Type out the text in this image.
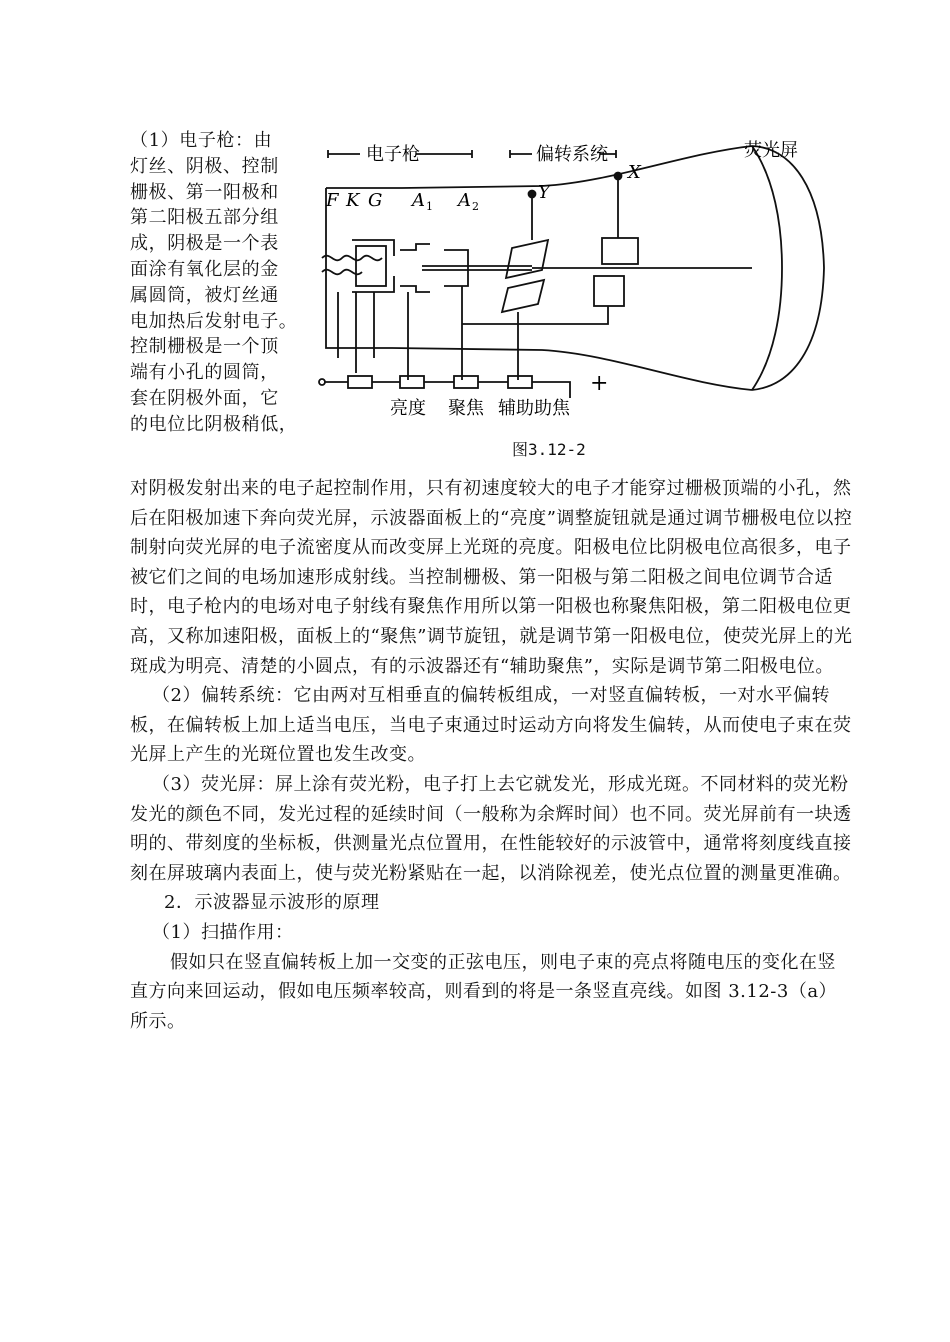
（1）电子枪：由

灯丝、阴极、控制

栅极、第一阳极和

第二阳极五部分组

成，阴极是一个表

面涂有氧化层的金

属圆筒，被灯丝通

电加热后发射电子。

控制栅极是一个顶

端有小孔的圆筒，

套在阴极外面，它

的电位比阴极稍低，

电子枪	偏转系统	荧光屏
F K G A 1 A 2
Y
X
亮度 聚焦 辅助助焦
+
图3.12-2

对阴极发射出来的电子起控制作用，只有初速度较大的电子才能穿过栅极顶端的小孔，然后在阳极加速下奔向荧光屏，示波器面板上的“亮度”调整旋钮就是通过调节栅极电位以控制射向荧光屏的电子流密度从而改变屏上光斑的亮度。阳极电位比阴极电位高很多，电子被它们之间的电场加速形成射线。当控制栅极、第一阳极与第二阳极之间电位调节合适时，电子枪内的电场对电子射线有聚焦作用所以第一阳极也称聚焦阳极，第二阳极电位更高，又称加速阳极，面板上的“聚焦”调节旋钮，就是调节第一阳极电位，使荧光屏上的光斑成为明亮、清楚的小圆点，有的示波器还有“辅助聚焦”，实际是调节第二阳极电位。

（2）偏转系统：它由两对互相垂直的偏转板组成，一对竖直偏转板，一对水平偏转板，在偏转板上加上适当电压，当电子束通过时运动方向将发生偏转，从而使电子束在荧光屏上产生的光斑位置也发生改变。

（3）荧光屏：屏上涂有荧光粉，电子打上去它就发光，形成光斑。不同材料的荧光粉发光的颜色不同，发光过程的延续时间（一般称为余辉时间）也不同。荧光屏前有一块透明的、带刻度的坐标板，供测量光点位置用，在性能较好的示波管中，通常将刻度线直接刻在屏玻璃内表面上，使与荧光粉紧贴在一起，以消除视差，使光点位置的测量更准确。

2．示波器显示波形的原理

（1）扫描作用：

假如只在竖直偏转板上加一交变的正弦电压，则电子束的亮点将随电压的变化在竖直方向来回运动，假如电压频率较高，则看到的将是一条竖直亮线。如图 3.12-3（a）所示。
